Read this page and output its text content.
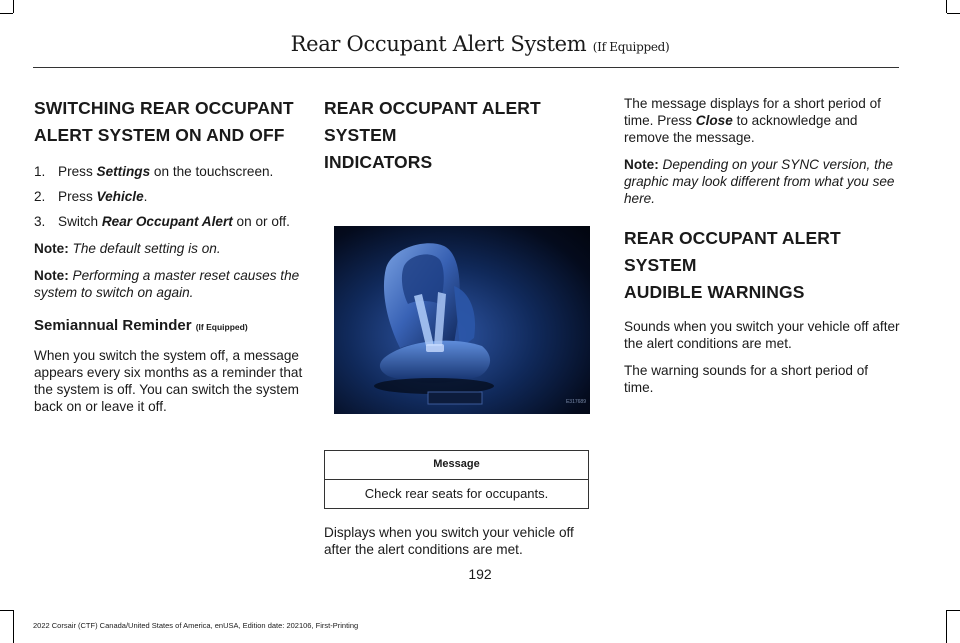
Rear Occupant Alert System (If Equipped)
SWITCHING REAR OCCUPANT
ALERT SYSTEM ON AND OFF
1. Press Settings on the touchscreen.
2. Press Vehicle.
3. Switch Rear Occupant Alert on or off.

Note: The default setting is on.

Note: Performing a master reset causes the system to switch on again.

Semiannual Reminder (If Equipped)

When you switch the system off, a message appears every six months as a reminder that the system is off. You can switch the system back on or leave it off.

REAR OCCUPANT ALERT SYSTEM
INDICATORS
E317689
Message
Check rear seats for occupants.

Displays when you switch your vehicle off after the alert conditions are met.

The message displays for a short period of time. Press Close to acknowledge and remove the message.

Note: Depending on your SYNC version, the graphic may look different from what you see here.

REAR OCCUPANT ALERT SYSTEM
AUDIBLE WARNINGS

Sounds when you switch your vehicle off after the alert conditions are met.

The warning sounds for a short period of time.

192
2022 Corsair (CTF) Canada/United States of America, enUSA, Edition date: 202106, First-Printing
